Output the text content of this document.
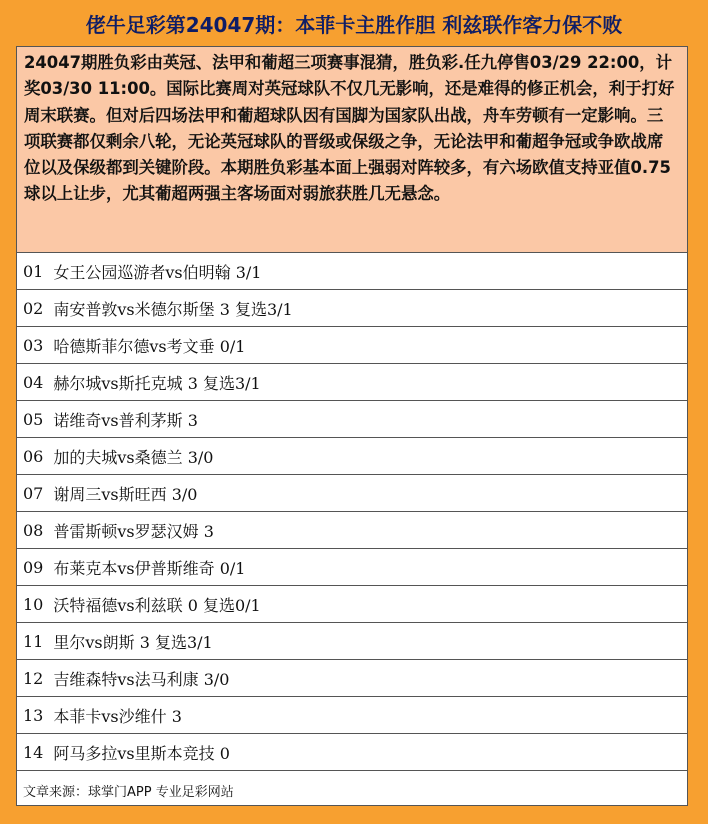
佬牛足彩第24047期：本菲卡主胜作胆 利兹联作客力保不败
24047期胜负彩由英冠、法甲和葡超三项赛事混猜，胜负彩.任九停售03/29 22:00，计奖03/30 11:00。国际比赛周对英冠球队不仅几无影响，还是难得的修正机会，利于打好周末联赛。但对后四场法甲和葡超球队因有国脚为国家队出战，舟车劳顿有一定影响。三项联赛都仅剩余八轮，无论英冠球队的晋级或保级之争，无论法甲和葡超争冠或争欧战席位以及保级都到关键阶段。本期胜负彩基本面上强弱对阵较多，有六场欧值支持亚值0.75球以上让步，尤其葡超两强主客场面对弱旅获胜几无悬念。
01 女王公园巡游者vs伯明翰 3/1
02 南安普敦vs米德尔斯堡 3 复选3/1
03 哈德斯菲尔德vs考文垂 0/1
04 赫尔城vs斯托克城 3 复选3/1
05 诺维奇vs普利茅斯 3
06 加的夫城vs桑德兰 3/0
07 谢周三vs斯旺西 3/0
08 普雷斯顿vs罗瑟汉姆 3
09 布莱克本vs伊普斯维奇 0/1
10 沃特福德vs利兹联 0 复选0/1
11 里尔vs朗斯 3 复选3/1
12 吉维森特vs法马利康 3/0
13 本菲卡vs沙维什 3
14 阿马多拉vs里斯本竞技 0
文章来源：球掌门APP 专业足彩网站
